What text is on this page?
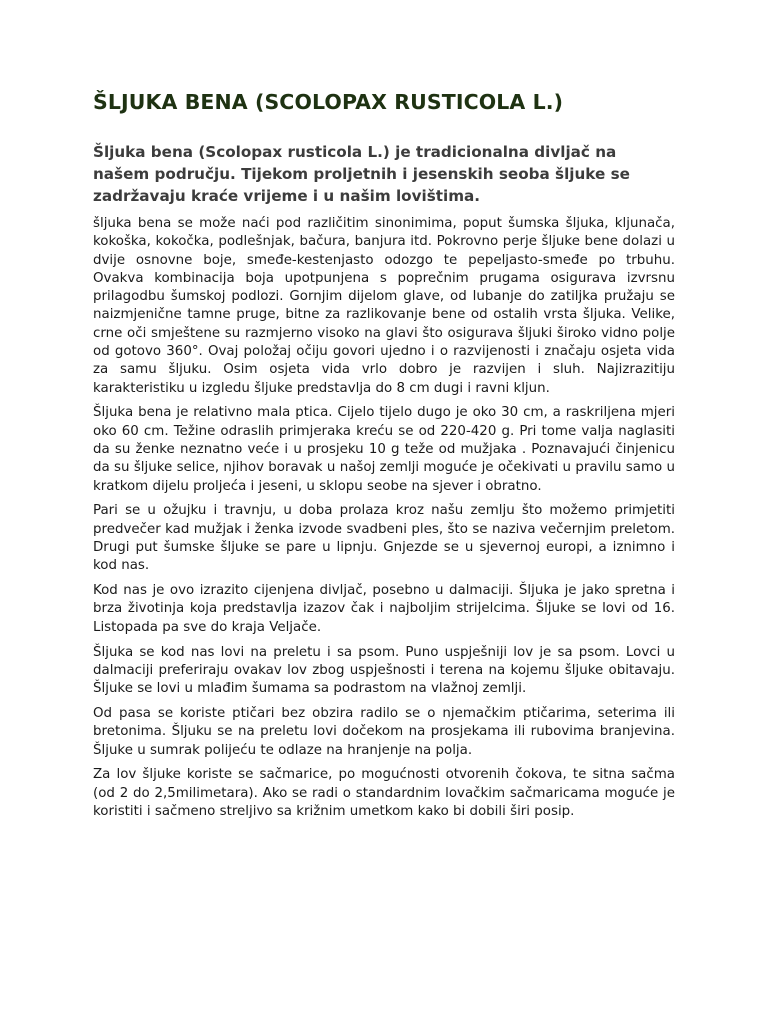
ŠLJUKA BENA (SCOLOPAX RUSTICOLA L.)

Šljuka bena (Scolopax rusticola L.) je tradicionalna divljač na našem području. Tijekom proljetnih i jesenskih seoba šljuke se zadržavaju kraće vrijeme i u našim lovištima.

šljuka bena se može naći pod različitim sinonimima, poput šumska šljuka, kljunača, kokoška, kokočka, podlešnjak, bačura, banjura itd. Pokrovno perje šljuke bene dolazi u dvije osnovne boje, smeđe-kestenjasto odozgo te pepeljasto-smeđe po trbuhu. Ovakva kombinacija boja upotpunjena s poprečnim prugama osigurava izvrsnu prilagodbu šumskoj podlozi. Gornjim dijelom glave, od lubanje do zatiljka pružaju se naizmjenične tamne pruge, bitne za razlikovanje bene od ostalih vrsta šljuka. Velike, crne oči smještene su razmjerno visoko na glavi što osigurava šljuki široko vidno polje od gotovo 360°. Ovaj položaj očiju govori ujedno i o razvijenosti i značaju osjeta vida za samu šljuku. Osim osjeta vida vrlo dobro je razvijen i sluh. Najizrazitiju karakteristiku u izgledu šljuke predstavlja do 8 cm dugi i ravni kljun.

Šljuka bena je relativno mala ptica. Cijelo tijelo dugo je oko 30 cm, a raskriljena mjeri oko 60 cm. Težine odraslih primjeraka kreću se od 220-420 g. Pri tome valja naglasiti da su ženke neznatno veće i u prosjeku 10 g teže od mužjaka . Poznavajući činjenicu da su šljuke selice, njihov boravak u našoj zemlji moguće je očekivati u pravilu samo u kratkom dijelu proljeća i jeseni, u sklopu seobe na sjever i obratno.

Pari se u ožujku i travnju, u doba prolaza kroz našu zemlju što možemo primjetiti predvečer kad mužjak i ženka izvode svadbeni ples, što se naziva večernjim preletom. Drugi put šumske šljuke se pare u lipnju. Gnjezde se u sjevernoj europi, a iznimno i kod nas.

Kod nas je ovo izrazito cijenjena divljač, posebno u dalmaciji. Šljuka je jako spretna i brza životinja koja predstavlja izazov čak i najboljim strijelcima. Šljuke se lovi od 16. Listopada pa sve do kraja Veljače.

Šljuka se kod nas lovi na preletu i sa psom. Puno uspješniji lov je sa psom. Lovci u dalmaciji preferiraju ovakav lov zbog uspješnosti i terena na kojemu šljuke obitavaju. Šljuke se lovi u mlađim šumama sa podrastom na vlažnoj zemlji.

Od pasa se koriste ptičari bez obzira radilo se o njemačkim ptičarima, seterima ili bretonima. Šljuku se na preletu lovi dočekom na prosjekama ili rubovima branjevina. Šljuke u sumrak polijeću te odlaze na hranjenje na polja.

Za lov šljuke koriste se sačmarice, po mogućnosti otvorenih čokova, te sitna sačma (od 2 do 2,5milimetara). Ako se radi o standardnim lovačkim sačmaricama moguće je koristiti i sačmeno streljivo sa križnim umetkom kako bi dobili širi posip.
